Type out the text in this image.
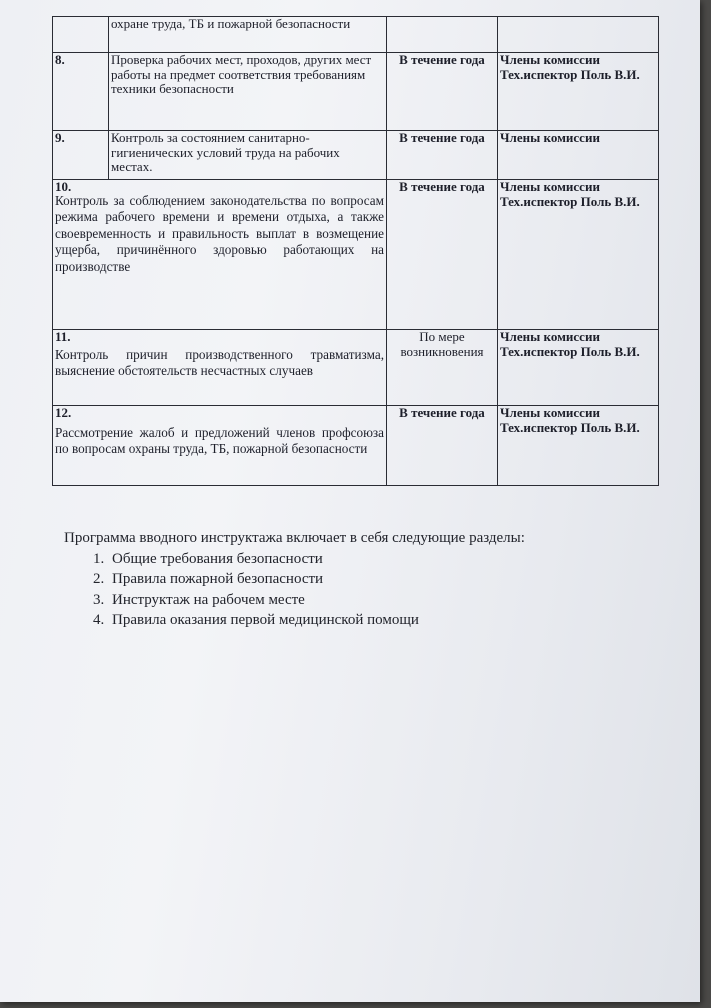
	охране труда, ТБ и пожарной безопасности		
8.	Проверка рабочих мест, проходов, других мест работы на предмет соответствия требованиям техники безопасности	В течение года	Члены комиссии Тех.испектор Поль В.И.
9.	Контроль за состоянием санитарно-гигиенических условий труда на рабочих местах.	В течение года	Члены комиссии

10.
Контроль за соблюдением законодательства по вопросам режима рабочего времени и времени отдыха, а также своевременность и правильность выплат в возмещение ущерба, причинённого здоровью работающих на производстве		В течение года	Члены комиссии Тех.испектор Поль В.И.

11.
Контроль причин производственного травматизма, выяснение обстоятельств несчастных случаев		По мере возникновения	Члены комиссии Тех.испектор Поль В.И.

12.
Рассмотрение жалоб и предложений членов профсоюза по вопросам охраны труда, ТБ, пожарной безопасности		В течение года	Члены комиссии Тех.испектор Поль В.И.
Программа вводного инструктажа включает в себя следующие разделы:
1. Общие требования безопасности
2. Правила пожарной безопасности
3. Инструктаж на рабочем месте
4. Правила оказания первой медицинской помощи
